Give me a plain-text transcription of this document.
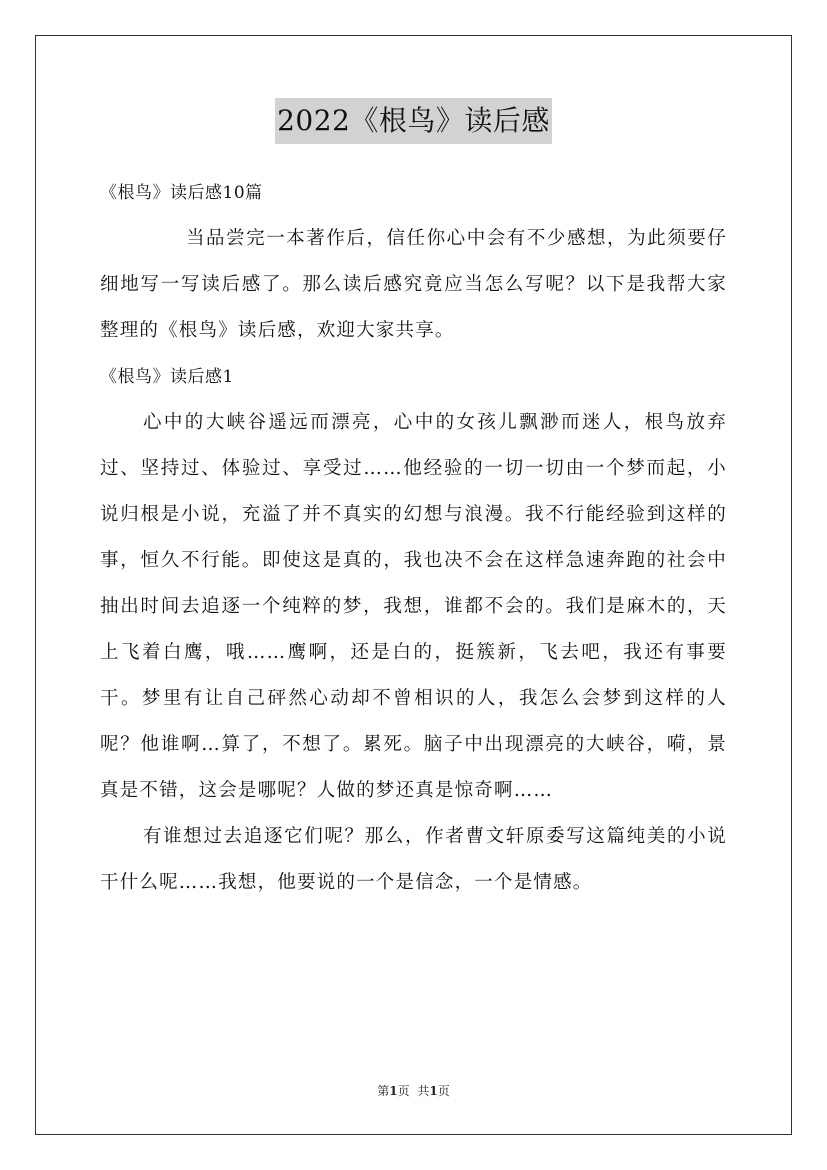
2022《根鸟》读后感

《根鸟》读后感10篇

当品尝完一本著作后，信任你心中会有不少感想，为此须要仔细地写一写读后感了。那么读后感究竟应当怎么写呢？以下是我帮大家整理的《根鸟》读后感，欢迎大家共享。

《根鸟》读后感1

心中的大峡谷遥远而漂亮，心中的女孩儿飘渺而迷人，根鸟放弃过、坚持过、体验过、享受过……他经验的一切一切由一个梦而起，小说归根是小说，充溢了并不真实的幻想与浪漫。我不行能经验到这样的事，恒久不行能。即使这是真的，我也决不会在这样急速奔跑的社会中抽出时间去追逐一个纯粹的梦，我想，谁都不会的。我们是麻木的，天上飞着白鹰，哦……鹰啊，还是白的，挺簇新，飞去吧，我还有事要干。梦里有让自己砰然心动却不曾相识的人，我怎么会梦到这样的人呢？他谁啊…算了，不想了。累死。脑子中出现漂亮的大峡谷，嗬，景真是不错，这会是哪呢？人做的梦还真是惊奇啊……

有谁想过去追逐它们呢？那么，作者曹文轩原委写这篇纯美的小说干什么呢……我想，他要说的一个是信念，一个是情感。

第1页 共1页
